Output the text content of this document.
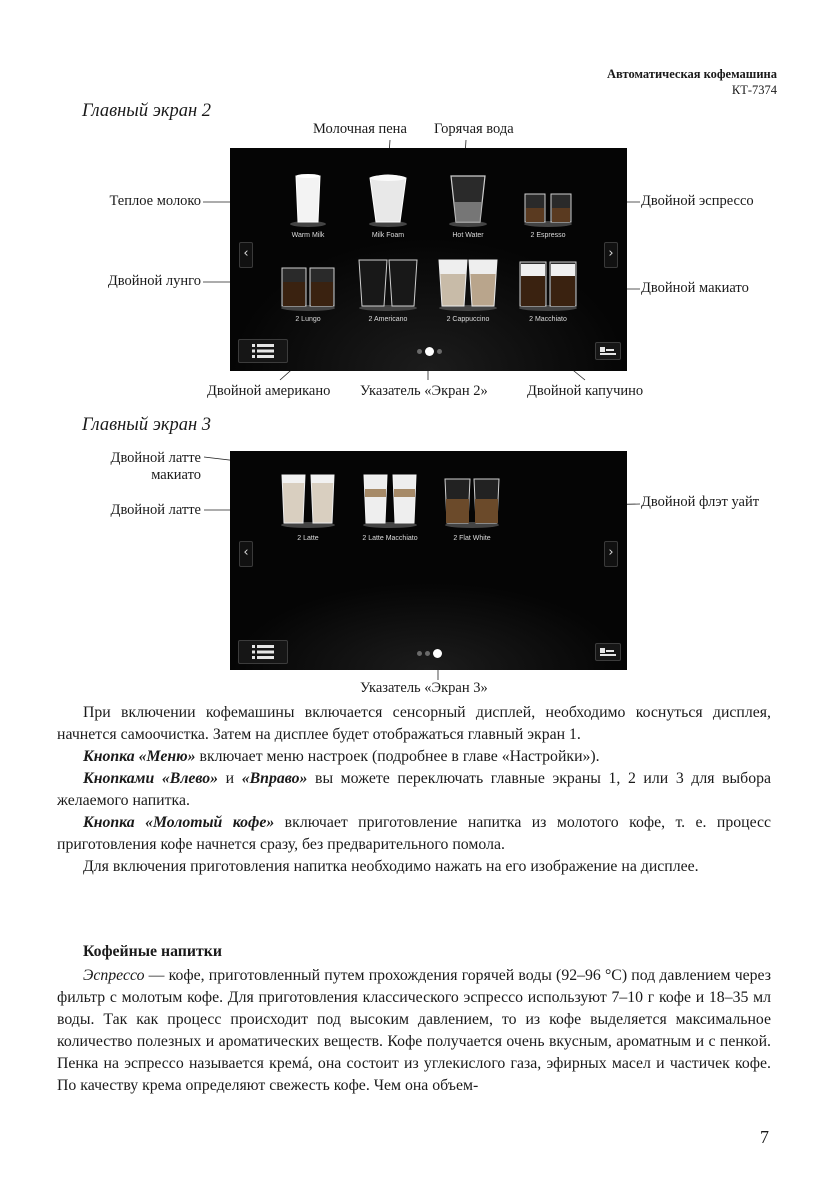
Автоматическая кофемашина
КТ-7374
Главный экран 2
Главный экран 3
Молочная пена Горячая вода
Теплое молоко	Двойной эспрессо
Двойной лунго	Двойной макиато
Двойной американо Указатель «Экран 2»	Двойной капучино
Warm Milk	Milk Foam	Hot Water	2 Espresso
2 Lungo	2 Americano	2 Cappuccino	2 Macchiato
‹	›
Двойной латте
макиато
Двойной латте	Двойной флэт уайт
Указатель «Экран 3»
2 Latte	2 Latte Macchiato	2 Flat White
‹	›

При включении кофемашины включается сенсорный дисплей, необходимо коснуться дисплея, начнется самоочистка. Затем на дисплее будет отображаться главный экран 1.

Кнопка «Меню» включает меню настроек (подробнее в главе «Настройки»).

Кнопками «Влево» и «Вправо» вы можете переключать главные экраны 1, 2 или 3 для выбора желаемого напитка.

Кнопка «Молотый кофе» включает приготовление напитка из молотого кофе, т. е. процесс приготовления кофе начнется сразу, без предварительного помола.

Для включения приготовления напитка необходимо нажать на его изображение на дисплее.

Кофейные напитки

Эспрессо — кофе, приготовленный путем прохождения горячей воды (92–96 °С) под давлением через фильтр с молотым кофе. Для приготовления классического эспрессо используют 7–10 г кофе и 18–35 мл воды. Так как процесс происходит под высоким давлением, то из кофе выделяется максимальное количество полезных и ароматических веществ. Кофе получается очень вкусным, ароматным и с пенкой. Пенка на эспрессо называется кремá, она состоит из углекислого газа, эфирных масел и частичек кофе. По качеству крема определяют свежесть кофе. Чем она объем-

7
